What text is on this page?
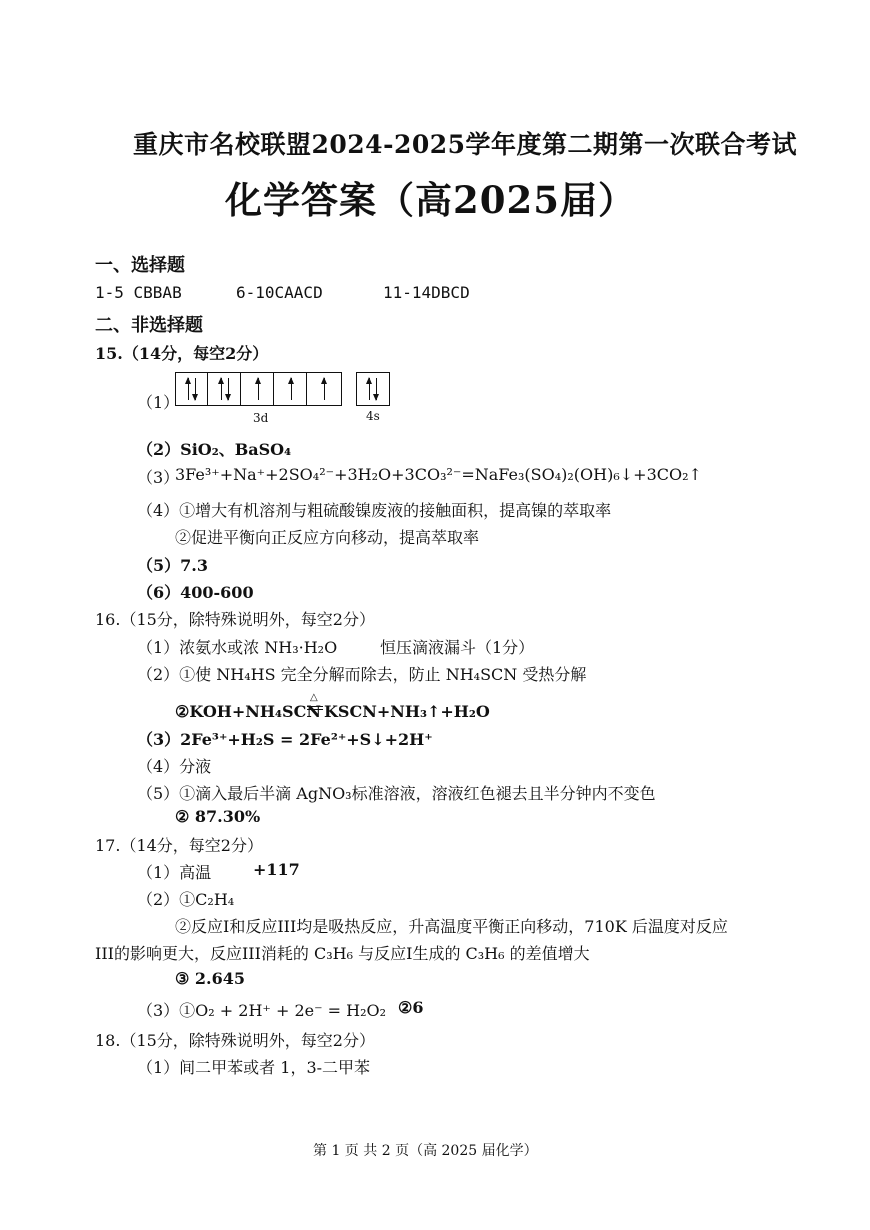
重庆市名校联盟2024-2025学年度第二期第一次联合考试
化学答案（高2025届）
一、选择题
1-5 CBBAB	6-10CAACD	11-14DBCD
二、非选择题
15.（14分，每空2分）
（1）
3d	4s
（2）SiO₂、BaSO₄
（3）
3Fe³⁺+Na⁺+2SO₄²⁻+3H₂O+3CO₃²⁻=NaFe₃(SO₄)₂(OH)₆↓+3CO₂↑
（4）①增大有机溶剂与粗硫酸镍废液的接触面积，提高镍的萃取率
②促进平衡向正反应方向移动，提高萃取率
（5）7.3
（6）400-600
16.（15分，除特殊说明外，每空2分）
（1）浓氨水或浓 NH₃·H₂O	恒压滴液漏斗（1分）
（2）①使 NH₄HS 完全分解而除去，防止 NH₄SCN 受热分解
②KOH+NH₄SCN
△
KSCN+NH₃↑+H₂O
（3）2Fe³⁺+H₂S = 2Fe²⁺+S↓+2H⁺
（4）分液
（5）①滴入最后半滴 AgNO₃标准溶液，溶液红色褪去且半分钟内不变色
② 87.30%
17.（14分，每空2分）
（1）高温	+117
（2）①C₂H₄
②反应I和反应III均是吸热反应，升高温度平衡正向移动，710K 后温度对反应
III的影响更大，反应III消耗的 C₃H₆ 与反应I生成的 C₃H₆ 的差值增大
③ 2.645
（3）①O₂ + 2H⁺ + 2e⁻ = H₂O₂ ②6
18.（15分，除特殊说明外，每空2分）
（1）间二甲苯或者 1，3-二甲苯
第 1 页 共 2 页（高 2025 届化学）
